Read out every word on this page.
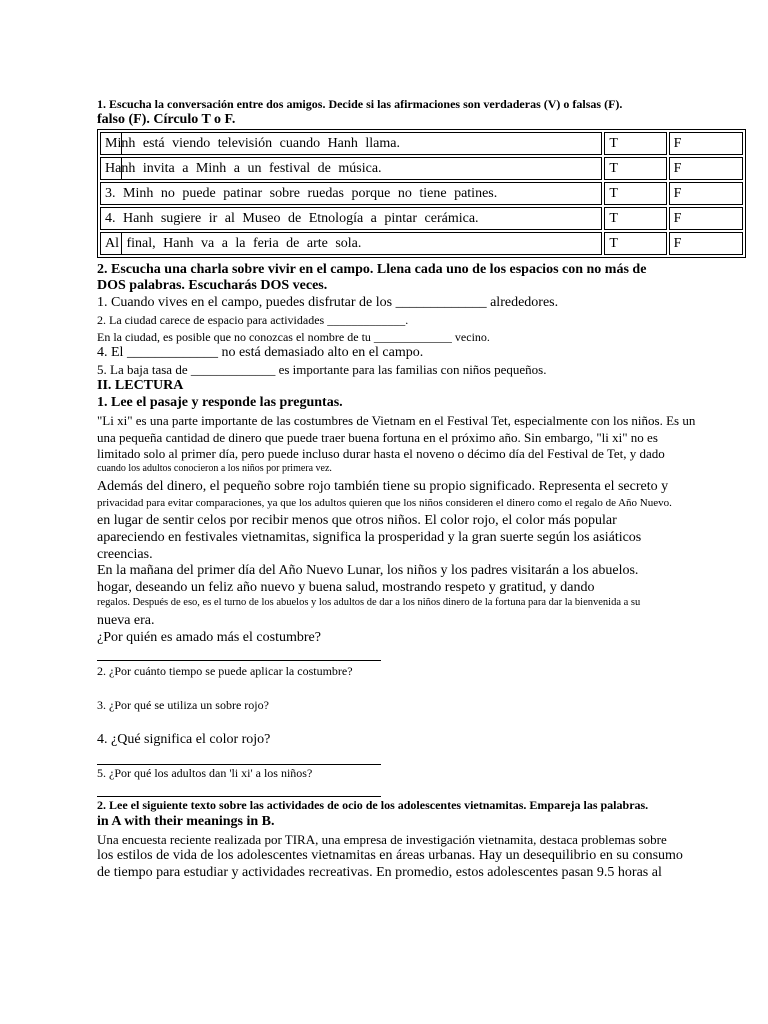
1. Escucha la conversación entre dos amigos. Decide si las afirmaciones son verdaderas (V) o falsas (F).
falso (F). Círculo T o F.
Minh está viendo televisión cuando Hanh llama.	T	F

Hanh invita a Minh a un festival de música.	T	F
3. Minh no puede patinar sobre ruedas porque no tiene patines.	T	F
4. Hanh sugiere ir al Museo de Etnología a pintar cerámica.	T	F

Al final, Hanh va a la feria de arte sola.	T	F
2. Escucha una charla sobre vivir en el campo. Llena cada uno de los espacios con no más de
DOS palabras. Escucharás DOS veces.
1. Cuando vives en el campo, puedes disfrutar de los _____________ alrededores.
2. La ciudad carece de espacio para actividades _____________.
En la ciudad, es posible que no conozcas el nombre de tu _____________ vecino.
4. El _____________ no está demasiado alto en el campo.
5. La baja tasa de _____________ es importante para las familias con niños pequeños.
II. LECTURA
1. Lee el pasaje y responde las preguntas.
"Li xi" es una parte importante de las costumbres de Vietnam en el Festival Tet, especialmente con los niños. Es un
una pequeña cantidad de dinero que puede traer buena fortuna en el próximo año. Sin embargo, "li xi" no es
limitado solo al primer día, pero puede incluso durar hasta el noveno o décimo día del Festival de Tet, y dado
cuando los adultos conocieron a los niños por primera vez.
Además del dinero, el pequeño sobre rojo también tiene su propio significado. Representa el secreto y
privacidad para evitar comparaciones, ya que los adultos quieren que los niños consideren el dinero como el regalo de Año Nuevo.
en lugar de sentir celos por recibir menos que otros niños. El color rojo, el color más popular
apareciendo en festivales vietnamitas, significa la prosperidad y la gran suerte según los asiáticos
creencias.
En la mañana del primer día del Año Nuevo Lunar, los niños y los padres visitarán a los abuelos.
hogar, deseando un feliz año nuevo y buena salud, mostrando respeto y gratitud, y dando
regalos. Después de eso, es el turno de los abuelos y los adultos de dar a los niños dinero de la fortuna para dar la bienvenida a su
nueva era.
¿Por quién es amado más el costumbre?
2. ¿Por cuánto tiempo se puede aplicar la costumbre?
3. ¿Por qué se utiliza un sobre rojo?
4. ¿Qué significa el color rojo?
5. ¿Por qué los adultos dan 'li xi' a los niños?
2. Lee el siguiente texto sobre las actividades de ocio de los adolescentes vietnamitas. Empareja las palabras.
in A with their meanings in B.
Una encuesta reciente realizada por TIRA, una empresa de investigación vietnamita, destaca problemas sobre
los estilos de vida de los adolescentes vietnamitas en áreas urbanas. Hay un desequilibrio en su consumo
de tiempo para estudiar y actividades recreativas. En promedio, estos adolescentes pasan 9.5 horas al
